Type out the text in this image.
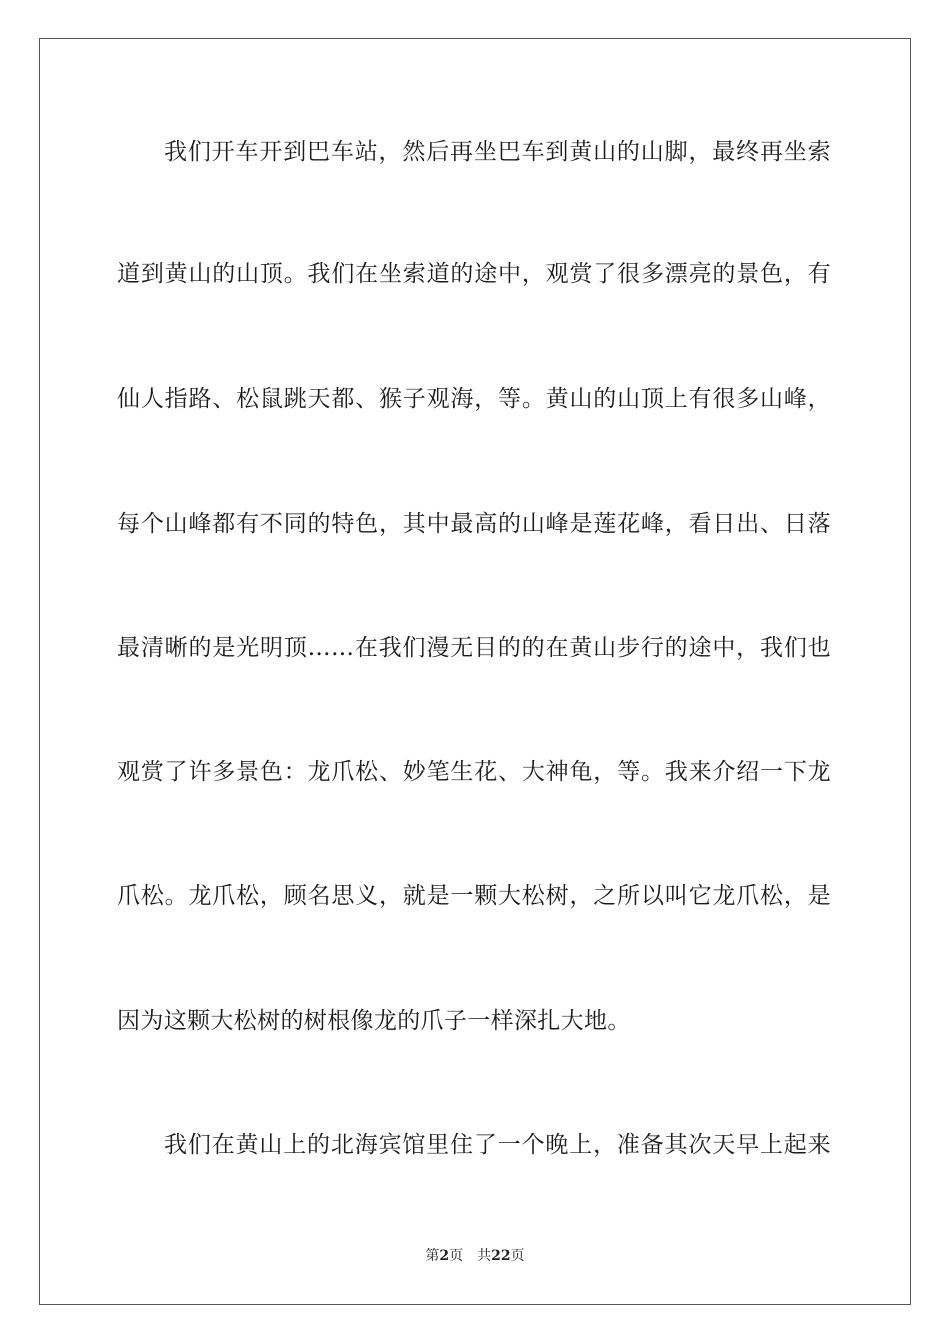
我们开车开到巴车站，然后再坐巴车到黄山的山脚，最终再坐索
道到黄山的山顶。我们在坐索道的途中，观赏了很多漂亮的景色，有
仙人指路、松鼠跳天都、猴子观海，等。黄山的山顶上有很多山峰，
每个山峰都有不同的特色，其中最高的山峰是莲花峰，看日出、日落
最清晰的是光明顶……在我们漫无目的的在黄山步行的途中，我们也
观赏了许多景色：龙爪松、妙笔生花、大神龟，等。我来介绍一下龙
爪松。龙爪松，顾名思义，就是一颗大松树，之所以叫它龙爪松，是
因为这颗大松树的树根像龙的爪子一样深扎大地。
我们在黄山上的北海宾馆里住了一个晚上，准备其次天早上起来
第2页 共22页
